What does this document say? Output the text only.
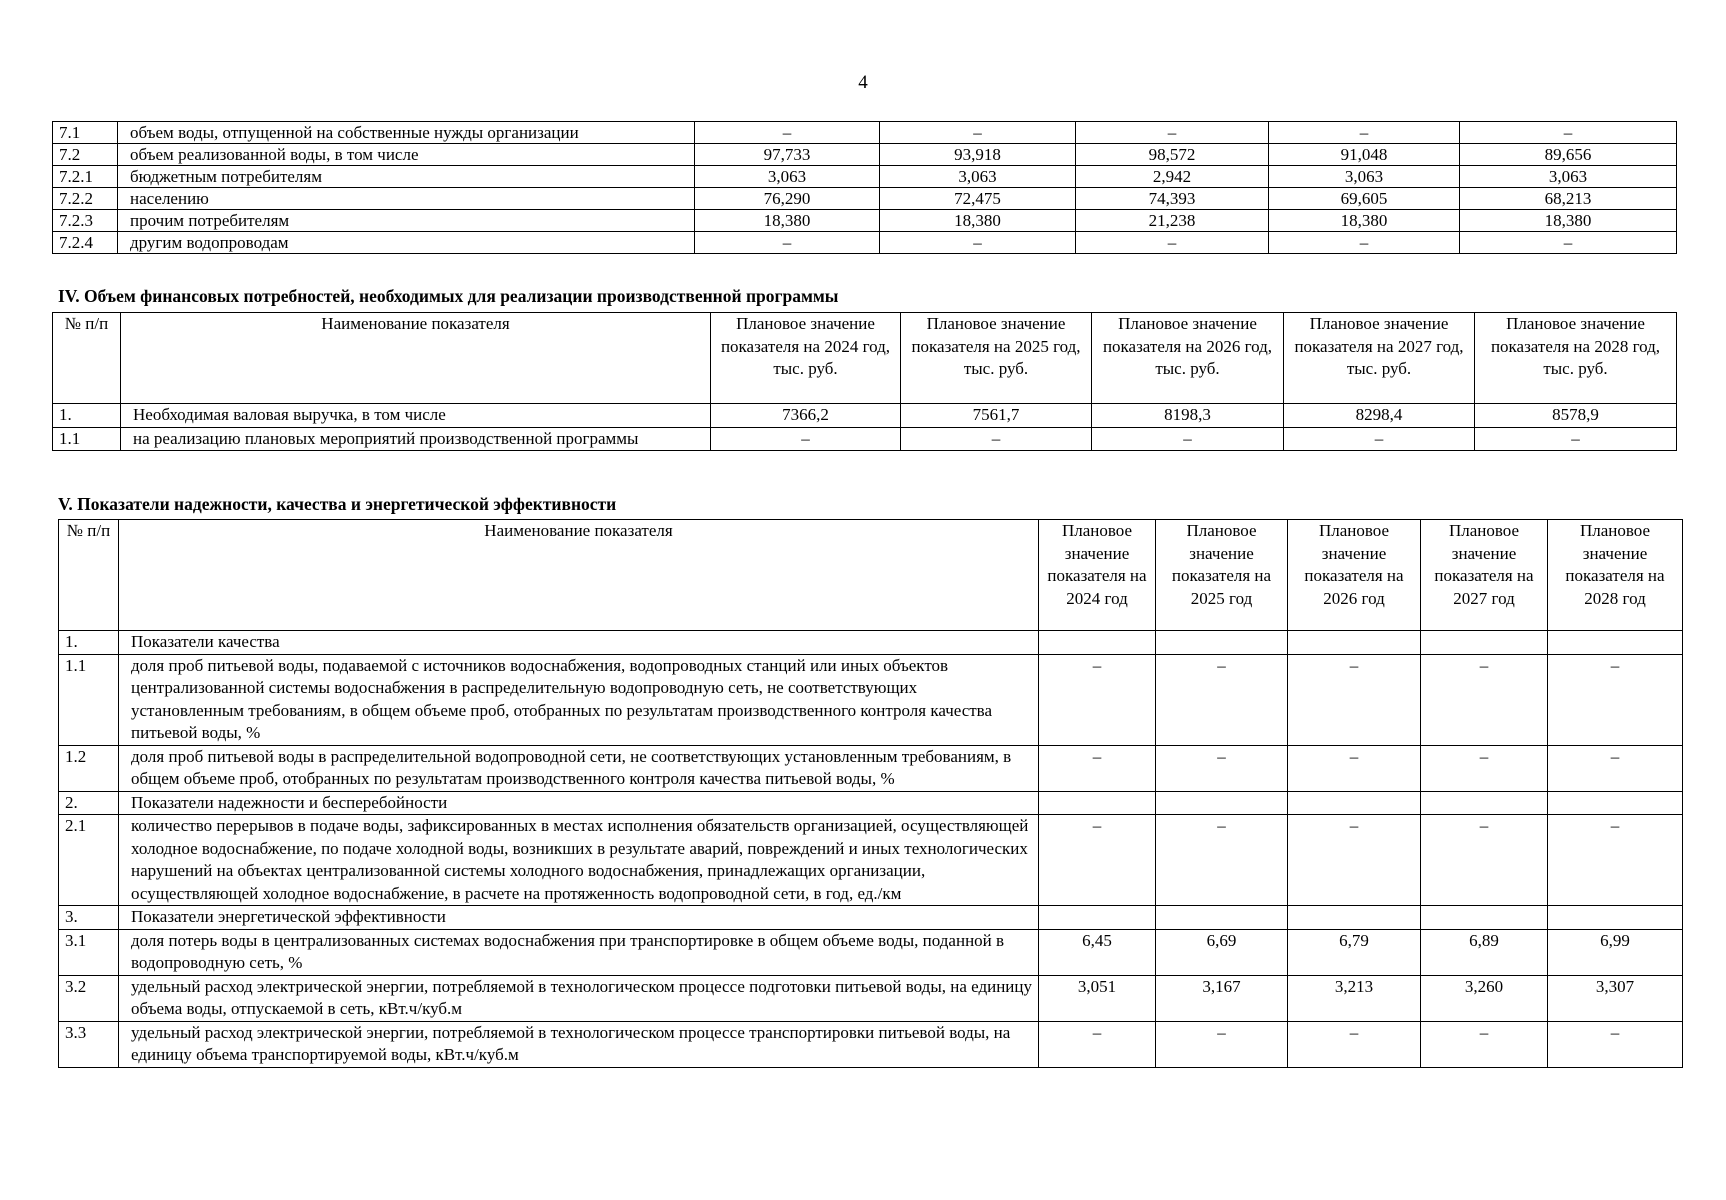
4
7.1	объем воды, отпущенной на собственные нужды организации	–	–	–	–	–
7.2	объем реализованной воды, в том числе	97,733	93,918	98,572	91,048	89,656
7.2.1	бюджетным потребителям	3,063	3,063	2,942	3,063	3,063
7.2.2	населению	76,290	72,475	74,393	69,605	68,213
7.2.3	прочим потребителям	18,380	18,380	21,238	18,380	18,380
7.2.4	другим водопроводам	–	–	–	–	–
IV. Объем финансовых потребностей, необходимых для реализации производственной программы
№ п/п	Наименование показателя	Плановое значение показателя на 2024 год, тыс. руб.	Плановое значение показателя на 2025 год, тыс. руб.	Плановое значение показателя на 2026 год, тыс. руб.	Плановое значение показателя на 2027 год, тыс. руб.	Плановое значение показателя на 2028 год, тыс. руб.
1.	Необходимая валовая выручка, в том числе	7366,2	7561,7	8198,3	8298,4	8578,9
1.1	на реализацию плановых мероприятий производственной программы	–	–	–	–	–
V. Показатели надежности, качества и энергетической эффективности
№ п/п	Наименование показателя	Плановое значение показателя на 2024 год	Плановое значение показателя на 2025 год	Плановое значение показателя на 2026 год	Плановое значение показателя на 2027 год	Плановое значение показателя на 2028 год
1.	Показатели качества					
1.1	доля проб питьевой воды, подаваемой с источников водоснабжения, водопроводных станций или иных объектов централизованной системы водоснабжения в распределительную водопроводную сеть, не соответствующих установленным требованиям, в общем объеме проб, отобранных по результатам производственного контроля качества питьевой воды, %	–	–	–	–	–
1.2	доля проб питьевой воды в распределительной водопроводной сети, не соответствующих установленным требованиям, в общем объеме проб, отобранных по результатам производственного контроля качества питьевой воды, %	–	–	–	–	–
2.	Показатели надежности и бесперебойности					
2.1	количество перерывов в подаче воды, зафиксированных в местах исполнения обязательств организацией, осуществляющей холодное водоснабжение, по подаче холодной воды, возникших в результате аварий, повреждений и иных технологических нарушений на объектах централизованной системы холодного водоснабжения, принадлежащих организации, осуществляющей холодное водоснабжение, в расчете на протяженность водопроводной сети, в год, ед./км	–	–	–	–	–
3.	Показатели энергетической эффективности					
3.1	доля потерь воды в централизованных системах водоснабжения при транспортировке в общем объеме воды, поданной в водопроводную сеть, %	6,45	6,69	6,79	6,89	6,99
3.2	удельный расход электрической энергии, потребляемой в технологическом процессе подготовки питьевой воды, на единицу объема воды, отпускаемой в сеть, кВт.ч/куб.м	3,051	3,167	3,213	3,260	3,307
3.3	удельный расход электрической энергии, потребляемой в технологическом процессе транспортировки питьевой воды, на единицу объема транспортируемой воды, кВт.ч/куб.м	–	–	–	–	–
